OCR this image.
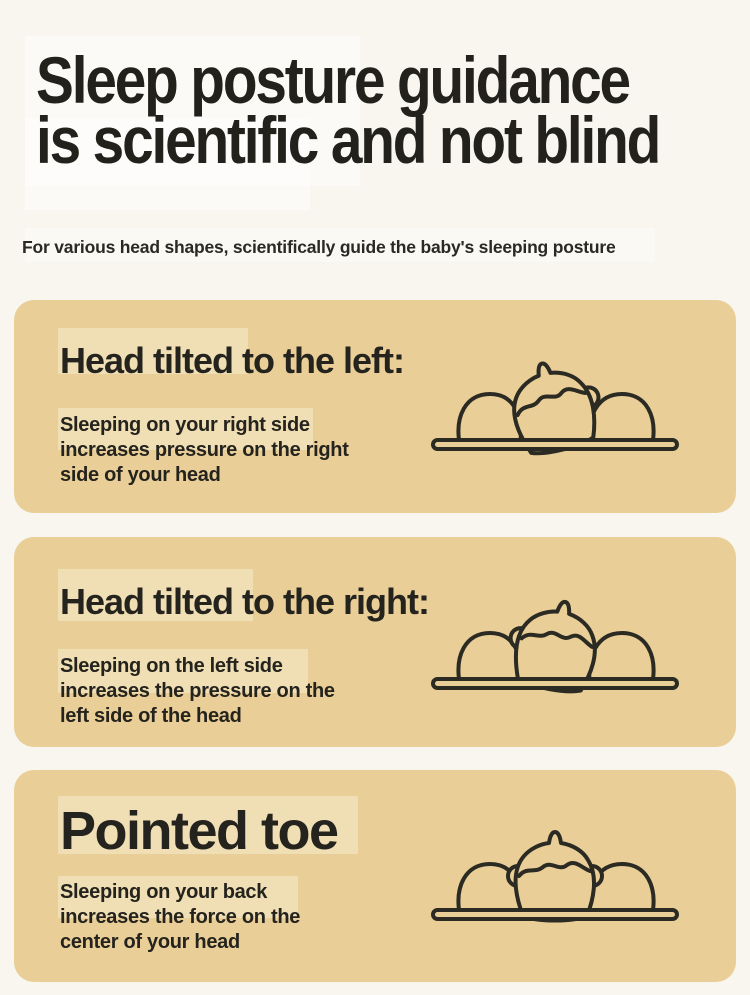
Sleep posture guidance
is scientific and not blind

For various head shapes, scientifically guide the baby's sleeping posture

Head tilted to the left:

Sleeping on your right side
increases pressure on the right
side of your head

Head tilted to the right:

Sleeping on the left side
increases the pressure on the
left side of the head

Pointed toe

Sleeping on your back
increases the force on the
center of your head
